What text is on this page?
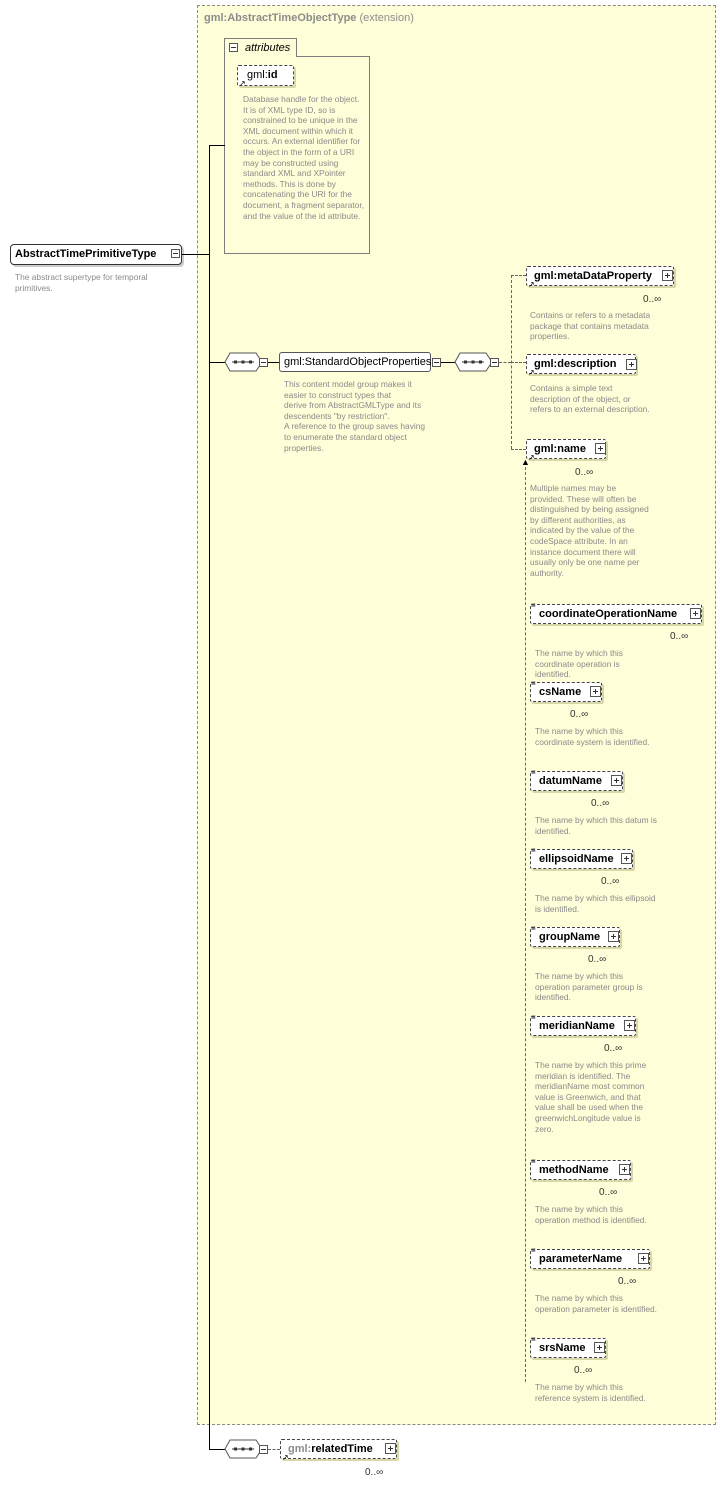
gml:AbstractTimeObjectType (extension)
attributes
↗
gml:id
Database handle for the object. It is of XML type ID, so is constrained to be unique in the XML document within which it occurs. An external identifier for the object in the form of a URI may be constructed using standard XML and XPointer methods. This is done by concatenating the URI for the document, a fragment separator, and the value of the id attribute.
AbstractTimePrimitiveType
The abstract supertype for temporal primitives.
gml:StandardObjectProperties
This content model group makes it easier to construct types that
derive from AbstractGMLType and its descendents "by restriction".
A reference to the group saves having to enumerate the standard object properties.
↗
gml:metaDataProperty
0..∞
Contains or refers to a metadata package that contains metadata properties.
↗
gml:description
Contains a simple text description of the object, or refers to an external description.
↗
gml:name
0..∞
Multiple names may be provided. These will often be distinguished by being assigned by different authorities, as indicated by the value of the codeSpace attribute. In an instance document there will usually only be one name per authority.
▲
≡
coordinateOperationName
0..∞
The name by which this coordinate operation is identified.
≡
csName
0..∞
The name by which this coordinate system is identified.
≡
datumName
0..∞
The name by which this datum is identified.
≡
ellipsoidName
0..∞
The name by which this ellipsoid is identified.
≡
groupName
0..∞
The name by which this operation parameter group is identified.
≡
meridianName
0..∞
The name by which this prime meridian is identified. The meridianName most common value is Greenwich, and that value shall be used when the greenwichLongitude value is zero.
≡
methodName
0..∞
The name by which this operation method is identified.
≡
parameterName
0..∞
The name by which this operation parameter is identified.
≡
srsName
0..∞
The name by which this reference system is identified.
↗
gml:relatedTime
0..∞
